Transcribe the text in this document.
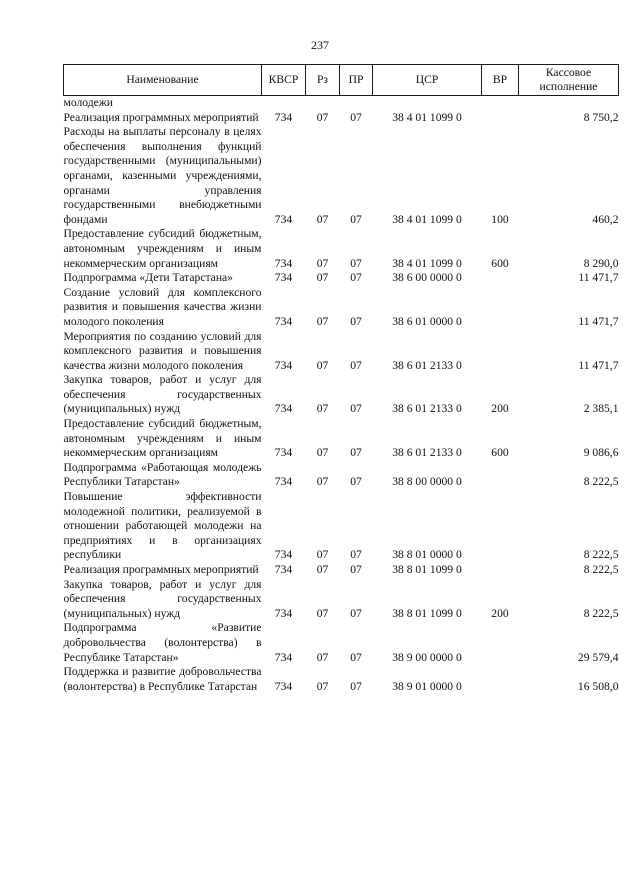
237
Наименование	КВСР	Рз	ПР	ЦСР	ВР	Кассовое исполнение
молодежи						
Реализация программных мероприятий	734	07	07	38 4 01 1099 0		8 750,2
Расходы на выплаты персоналу в целях обеспечения выполнения функций государственными (муниципальными) органами, казенными учреждениями, органами управления государственными внебюджетными фондами	734	07	07	38 4 01 1099 0	100	460,2
Предоставление субсидий бюджетным, автономным учреждениям и иным некоммерческим организациям	734	07	07	38 4 01 1099 0	600	8 290,0
Подпрограмма «Дети Татарстана»	734	07	07	38 6 00 0000 0		11 471,7
Создание условий для комплексного развития и повышения качества жизни молодого поколения	734	07	07	38 6 01 0000 0		11 471,7
Мероприятия по созданию условий для комплексного развития и повышения качества жизни молодого поколения	734	07	07	38 6 01 2133 0		11 471,7
Закупка товаров, работ и услуг для обеспечения государственных (муниципальных) нужд	734	07	07	38 6 01 2133 0	200	2 385,1
Предоставление субсидий бюджетным, автономным учреждениям и иным некоммерческим организациям	734	07	07	38 6 01 2133 0	600	9 086,6
Подпрограмма «Работающая молодежь Республики Татарстан»	734	07	07	38 8 00 0000 0		8 222,5
Повышение эффективности молодежной политики, реализуемой в отношении работающей молодежи на предприятиях и в организациях республики	734	07	07	38 8 01 0000 0		8 222,5
Реализация программных мероприятий	734	07	07	38 8 01 1099 0		8 222,5
Закупка товаров, работ и услуг для обеспечения государственных (муниципальных) нужд	734	07	07	38 8 01 1099 0	200	8 222,5
Подпрограмма «Развитие добровольчества (волонтерства) в Республике Татарстан»	734	07	07	38 9 00 0000 0		29 579,4
Поддержка и развитие добровольчества (волонтерства) в Республике Татарстан	734	07	07	38 9 01 0000 0		16 508,0
